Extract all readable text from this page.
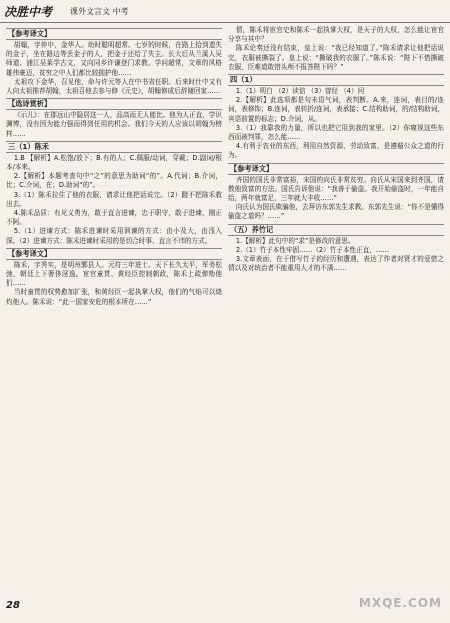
决胜中考 课外文言文 中考
【参考译文】

胡翰，字仲申，金华人。幼时聪明超常。七岁的时候，在路上拾到遗失的金子，坐在路边等丢金子的人，把金子还给了失主。长大后从兰溪人吴师道、浦江吴莱学古文，又向同乡许谦登门求教。学问超常，文章的风格雄伟豪迈，贫穷之中人们都比较拥护他……

太祖攻下金华，召见他，命与许元等人在中书省任职。后来时仕中又有人向太祖推荐胡翰，太祖召他去参与修《元史》，胡翰修成后辞谢回家……

【选诗赏析】

《示儿》：在郡远山中隐居这一人，品高而无人能比。他为人正直，学识渊博，没有因为能力强而得到任用的机会。我们今天的人应该以胡翰为榜样……

三（1）陈禾

1.B 【解析】A.松饱/放下；B.有的人；C.佩服/动词，穿戴；D.副词/根本/本来。

2.【解析】本题考查句中“之”的意思为助词“的”。A.代词；B.介词，比；C.介词，在；D.助词“的”。

3.（1）陈禾拉住了他的衣服，请求让他把话说完。（2）蹬不把陈禾救出去。

4.陈禾品质：有见义勇为，敢于直言进谏，忠于职守，敢于进谏，刚正不阿。

5.（1）进谏方式：陈禾进谏时采用讽谏的方式：由小及大，由浅入深。（2）进谏方式：陈禾进谏时采用的是切合时事、直言不讳的方式。

【参考译文】

陈禾，字秀实，是明州鄞县人。元符三年进士。天下长久太平，军务松弛，朝廷上下奢侈淫逸。宦官童贯、黄经臣控制朝政，陈禾上疏弹劾他们……

当时童贯的权势愈加扩张，和黄经臣一起执掌大权，他们的气焰可以烧灼他人。陈禾说：“此一国家安危的根本所在……”

情，陈禾将宦官史和陈禾一起执掌大权，是天子的大权，怎么能让宦官分享与其中？

陈禾论奏还没有结束，皇上说：“我已经知道了。”陈禾请求让他把话说完，衣服被撕裂了。皇上说：“撕破我的衣服了。”陈禾说：“陛下不惜撕破衣服，臣难道敢惜头颅不报答陛下吗？”

四（1）

1.（1）明白 （2）读信 （3）曾经 （4）问

2.【解析】此选项都是句末语气词，表判断。A.来，连词，表目的/连词，表修饰；B.连词，表转折/连词，表承接；C.结构助词，的/结构助词，宾语前置的标志；D.介词，从。

3.（1）我靠我的力量，所以也把它用到我的家里。（2）你窥视这些东西而被判罪，怎么能……

4.有利于农业的东西，利用自然资源，劳动致富，是遵循公众之道的行为。

【参考译文】

齐国的国氏非常富裕，宋国的向氏非常贫穷。向氏从宋国来到齐国，请教他致富的方法。国氏告诉他说：“我善于偷盗。我开始偷盗时，一年能自给，两年就富足，三年就大丰收……”

向氏认为国氏欺骗他，去拜访东郭先生求教。东郭先生说：“你不是懂得偷盗之道吗？……”

（五）养竹记

1.【解析】此句中的“求”是修改的意思。

2.（1）竹子本性牢固……（2）竹子本性正直，……

3.文章表面，在于借写竹子的经历和遭遇，表达了作者对贤才的爱惜之情以及对统治者不能重用人才的不满……

28	MXQE.COM
